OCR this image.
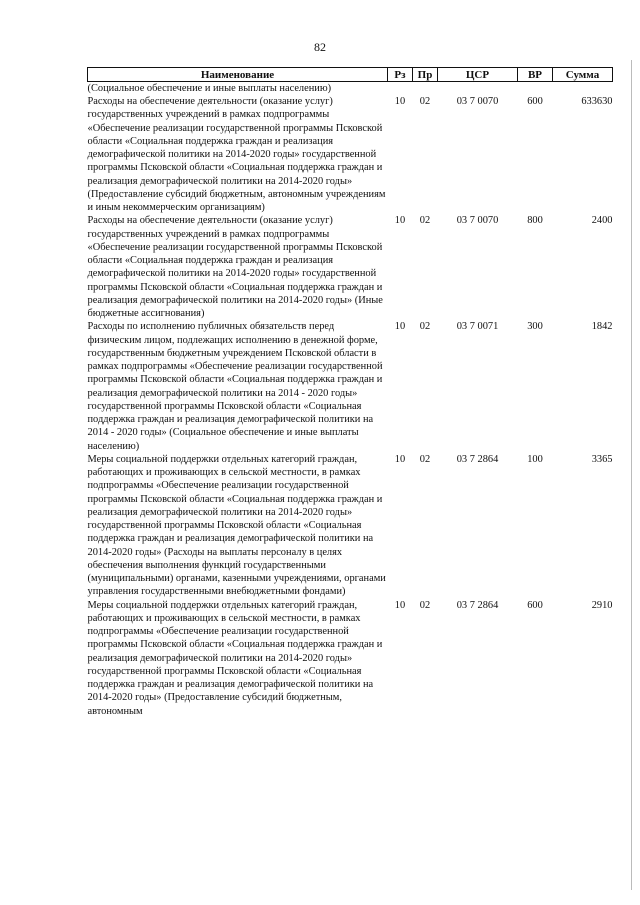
82
Наименование	Рз	Пр	ЦСР	ВР	Сумма
(Социальное обеспечение и иные выплаты населению)					
Расходы на обеспечение деятельности (оказание услуг) государственных учреждений в рамках подпрограммы «Обеспечение реализации государственной программы Псковской области «Социальная поддержка граждан и реализация демографической политики на 2014-2020 годы» государственной программы Псковской области «Социальная поддержка граждан и реализация демографической политики на 2014-2020 годы» (Предоставление субсидий бюджетным, автономным учреждениям и иным некоммерческим организациям)	10	02	03 7 0070	600	633630
Расходы на обеспечение деятельности (оказание услуг) государственных учреждений в рамках подпрограммы «Обеспечение реализации государственной программы Псковской области «Социальная поддержка граждан и реализация демографической политики на 2014-2020 годы» государственной программы Псковской области «Социальная поддержка граждан и реализация демографической политики на 2014-2020 годы» (Иные бюджетные ассигнования)	10	02	03 7 0070	800	2400
Расходы по исполнению публичных обязательств перед физическим лицом, подлежащих исполнению в денежной форме, государственным бюджетным учреждением Псковской области в рамках подпрограммы «Обеспечение реализации государственной программы Псковской области «Социальная поддержка граждан и реализация демографической политики на 2014 - 2020 годы» государственной программы Псковской области «Социальная поддержка граждан и реализация демографической политики на 2014 - 2020 годы» (Социальное обеспечение и иные выплаты населению)	10	02	03 7 0071	300	1842
Меры социальной поддержки отдельных категорий граждан, работающих и проживающих в сельской местности, в рамках подпрограммы «Обеспечение реализации государственной программы Псковской области «Социальная поддержка граждан и реализация демографической политики на 2014-2020 годы» государственной программы Псковской области «Социальная поддержка граждан и реализация демографической политики на 2014-2020 годы» (Расходы на выплаты персоналу в целях обеспечения выполнения функций государственными (муниципальными) органами, казенными учреждениями, органами управления государственными внебюджетными фондами)	10	02	03 7 2864	100	3365
Меры социальной поддержки отдельных категорий граждан, работающих и проживающих в сельской местности, в рамках подпрограммы «Обеспечение реализации государственной программы Псковской области «Социальная поддержка граждан и реализация демографической политики на 2014-2020 годы» государственной программы Псковской области «Социальная поддержка граждан и реализация демографической политики на 2014-2020 годы» (Предоставление субсидий бюджетным, автономным	10	02	03 7 2864	600	2910
